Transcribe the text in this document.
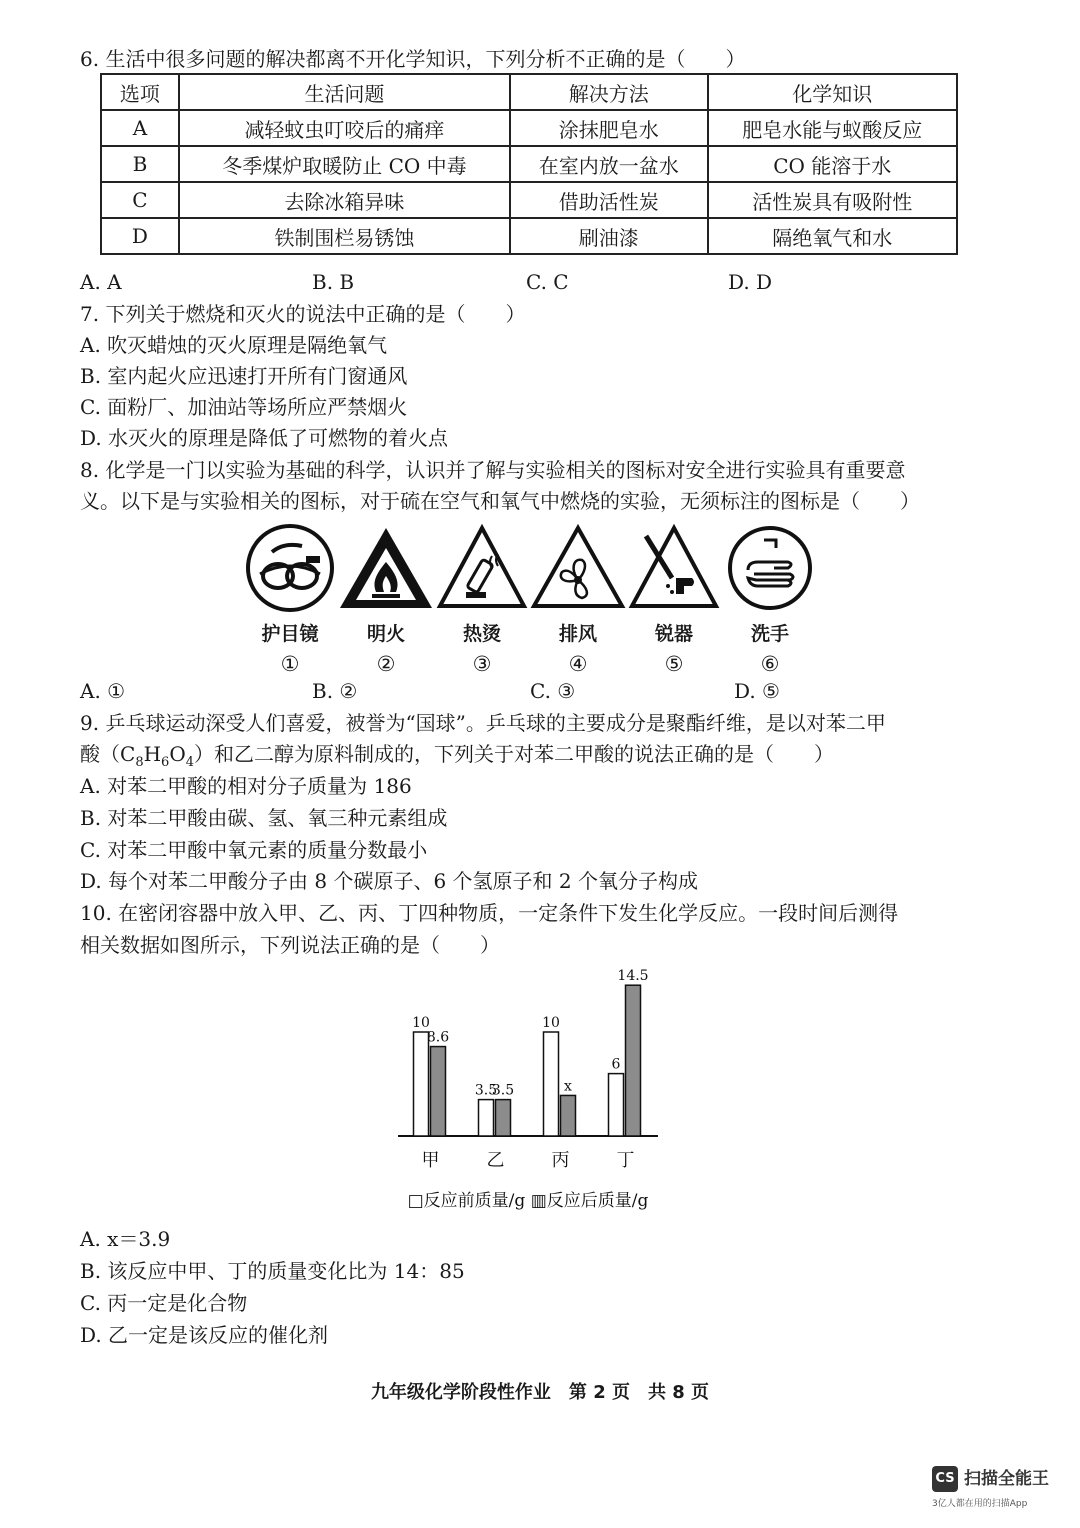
6. 生活中很多问题的解决都离不开化学知识，下列分析不正确的是（　　）
选项	生活问题	解决方法	化学知识
A	减轻蚊虫叮咬后的痛痒	涂抹肥皂水	肥皂水能与蚁酸反应
B	冬季煤炉取暖防止 CO 中毒	在室内放一盆水	CO 能溶于水
C	去除冰箱异味	借助活性炭	活性炭具有吸附性
D	铁制围栏易锈蚀	刷油漆	隔绝氧气和水
A. A	B. B	C. C	D. D
7. 下列关于燃烧和灭火的说法中正确的是（　　）
A. 吹灭蜡烛的灭火原理是隔绝氧气
B. 室内起火应迅速打开所有门窗通风
C. 面粉厂、加油站等场所应严禁烟火
D. 水灭火的原理是降低了可燃物的着火点
8. 化学是一门以实验为基础的科学，认识并了解与实验相关的图标对安全进行实验具有重要意
义。以下是与实验相关的图标，对于硫在空气和氧气中燃烧的实验，无须标注的图标是（　　）
护目镜
①
明火
②
热烫
③
排风
④
锐器
⑤
洗手
⑥
A. ①	B. ②	C. ③	D. ⑤
9. 乒乓球运动深受人们喜爱，被誉为“国球”。乒乓球的主要成分是聚酯纤维，是以对苯二甲
酸$(C_8H_6O_4)$和乙二醇为原料制成的，下列关于对苯二甲酸的说法正确的是（　　）
A. 对苯二甲酸的相对分子质量为 186
B. 对苯二甲酸由碳、氢、氧三种元素组成
C. 对苯二甲酸中氧元素的质量分数最小
D. 每个对苯二甲酸分子由 8 个碳原子、6 个氢原子和 2 个氧分子构成
10. 在密闭容器中放入甲、乙、丙、丁四种物质，一定条件下发生化学反应。一段时间后测得
相关数据如图所示，下列说法正确的是（　　）
10
8.6
甲
3.5
3.5
乙
10
x
丙
6
14.5
丁
□反应前质量/g ▥反应后质量/g
A. x＝3.9
B. 该反应中甲、丁的质量变化比为 14：85
C. 丙一定是化合物
D. 乙一定是该反应的催化剂
九年级化学阶段性作业　第 2 页　共 8 页
CS 扫描全能王
3亿人都在用的扫描App
